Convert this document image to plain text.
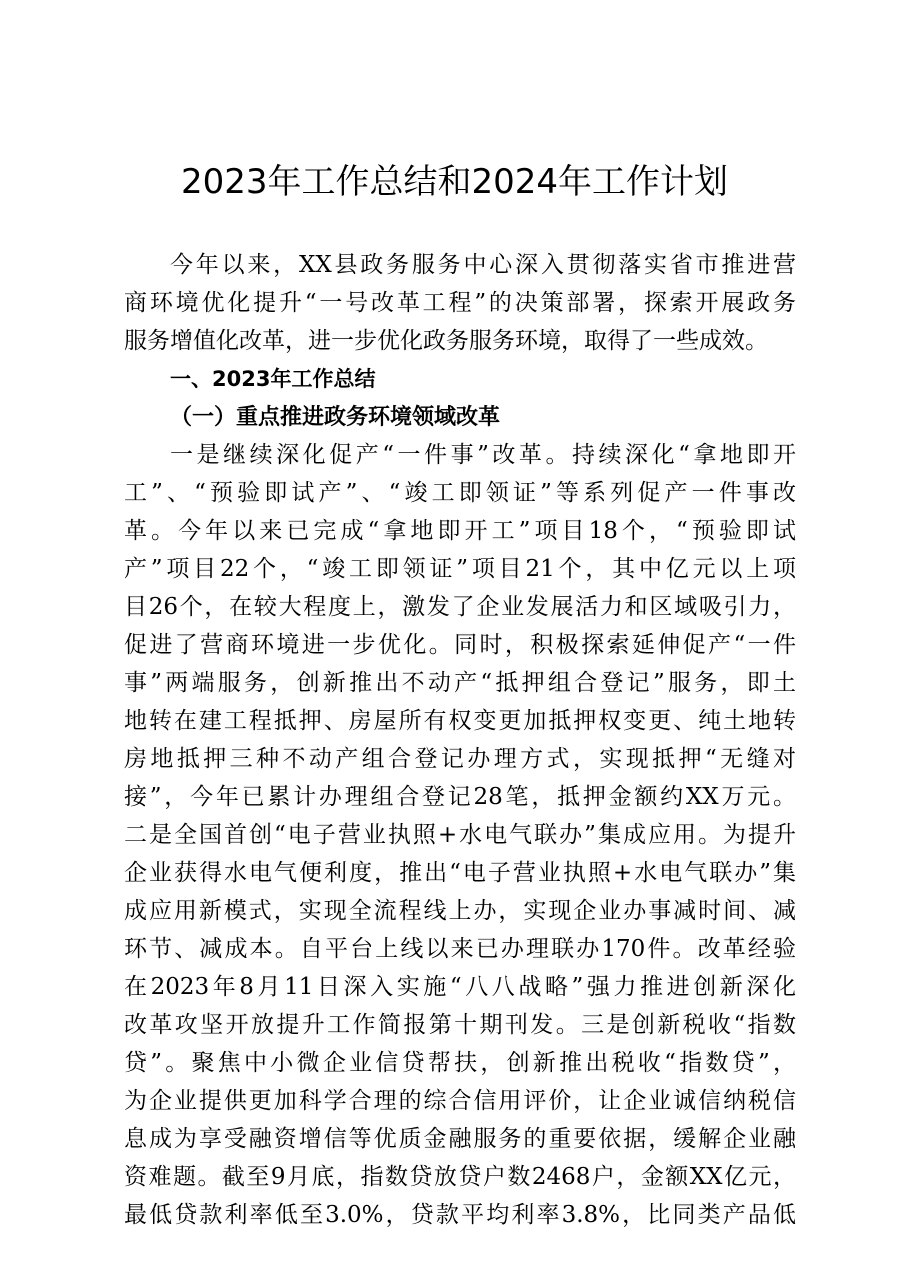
2023年工作总结和2024年工作计划
今年以来，XX县政务服务中心深入贯彻落实省市推进营
商环境优化提升“一号改革工程”的决策部署，探索开展政务
服务增值化改革，进一步优化政务服务环境，取得了一些成效。
一、2023年工作总结
（一）重点推进政务环境领域改革
一是继续深化促产“一件事”改革。持续深化“拿地即开
工”、“预验即试产”、“竣工即领证”等系列促产一件事改
革。今年以来已完成“拿地即开工”项目18个，“预验即试
产”项目22个，“竣工即领证”项目21个，其中亿元以上项
目26个，在较大程度上，激发了企业发展活力和区域吸引力，
促进了营商环境进一步优化。同时，积极探索延伸促产“一件
事”两端服务，创新推出不动产“抵押组合登记”服务，即土
地转在建工程抵押、房屋所有权变更加抵押权变更、纯土地转
房地抵押三种不动产组合登记办理方式，实现抵押“无缝对
接”，今年已累计办理组合登记28笔，抵押金额约XX万元。
二是全国首创“电子营业执照+水电气联办”集成应用。为提升
企业获得水电气便利度，推出“电子营业执照+水电气联办”集
成应用新模式，实现全流程线上办，实现企业办事减时间、减
环节、减成本。自平台上线以来已办理联办170件。改革经验
在2023年8月11日深入实施“八八战略”强力推进创新深化
改革攻坚开放提升工作简报第十期刊发。三是创新税收“指数
贷”。聚焦中小微企业信贷帮扶，创新推出税收“指数贷”，
为企业提供更加科学合理的综合信用评价，让企业诚信纳税信
息成为享受融资增信等优质金融服务的重要依据，缓解企业融
资难题。截至9月底，指数贷放贷户数2468户，金额XX亿元，
最低贷款利率低至3.0%，贷款平均利率3.8%，比同类产品低
